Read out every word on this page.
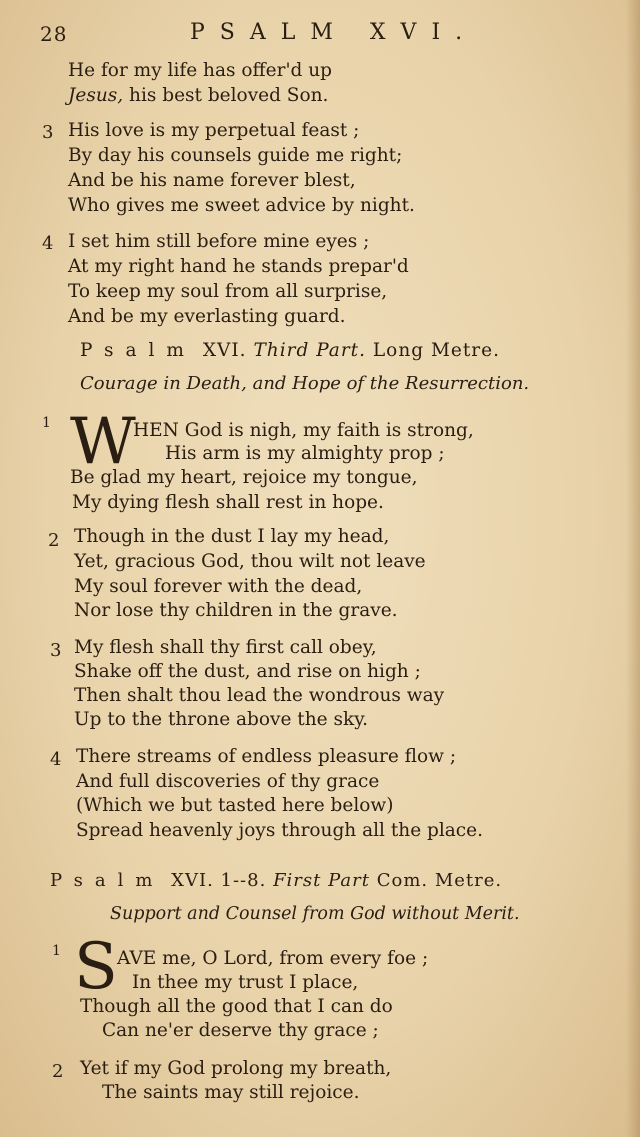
28	PSALM XVI.
He for my life has offer'd up
Jesus, his best beloved Son.
3 His love is my perpetual feast ;
By day his counsels guide me right;
And be his name forever blest,
Who gives me sweet advice by night.
4 I set him still before mine eyes ;
At my right hand he stands prepar'd
To keep my soul from all surprise,
And be my everlasting guard.
Psalm XVI. Third Part. Long Metre.
Courage in Death, and Hope of the Resurrection.
1 W
HEN God is nigh, my faith is strong,
His arm is my almighty prop ;
Be glad my heart, rejoice my tongue,
My dying flesh shall rest in hope.
2 Though in the dust I lay my head,
Yet, gracious God, thou wilt not leave
My soul forever with the dead,
Nor lose thy children in the grave.
3 My flesh shall thy first call obey,
Shake off the dust, and rise on high ;
Then shalt thou lead the wondrous way
Up to the throne above the sky.
4 There streams of endless pleasure flow ;
And full discoveries of thy grace
(Which we but tasted here below)
Spread heavenly joys through all the place.
Psalm XVI. 1--8. First Part Com. Metre.
Support and Counsel from God without Merit.
1 S AVE me, O Lord, from every foe ;
In thee my trust I place,
Though all the good that I can do
Can ne'er deserve thy grace ;
2 Yet if my God prolong my breath,
The saints may still rejoice.
